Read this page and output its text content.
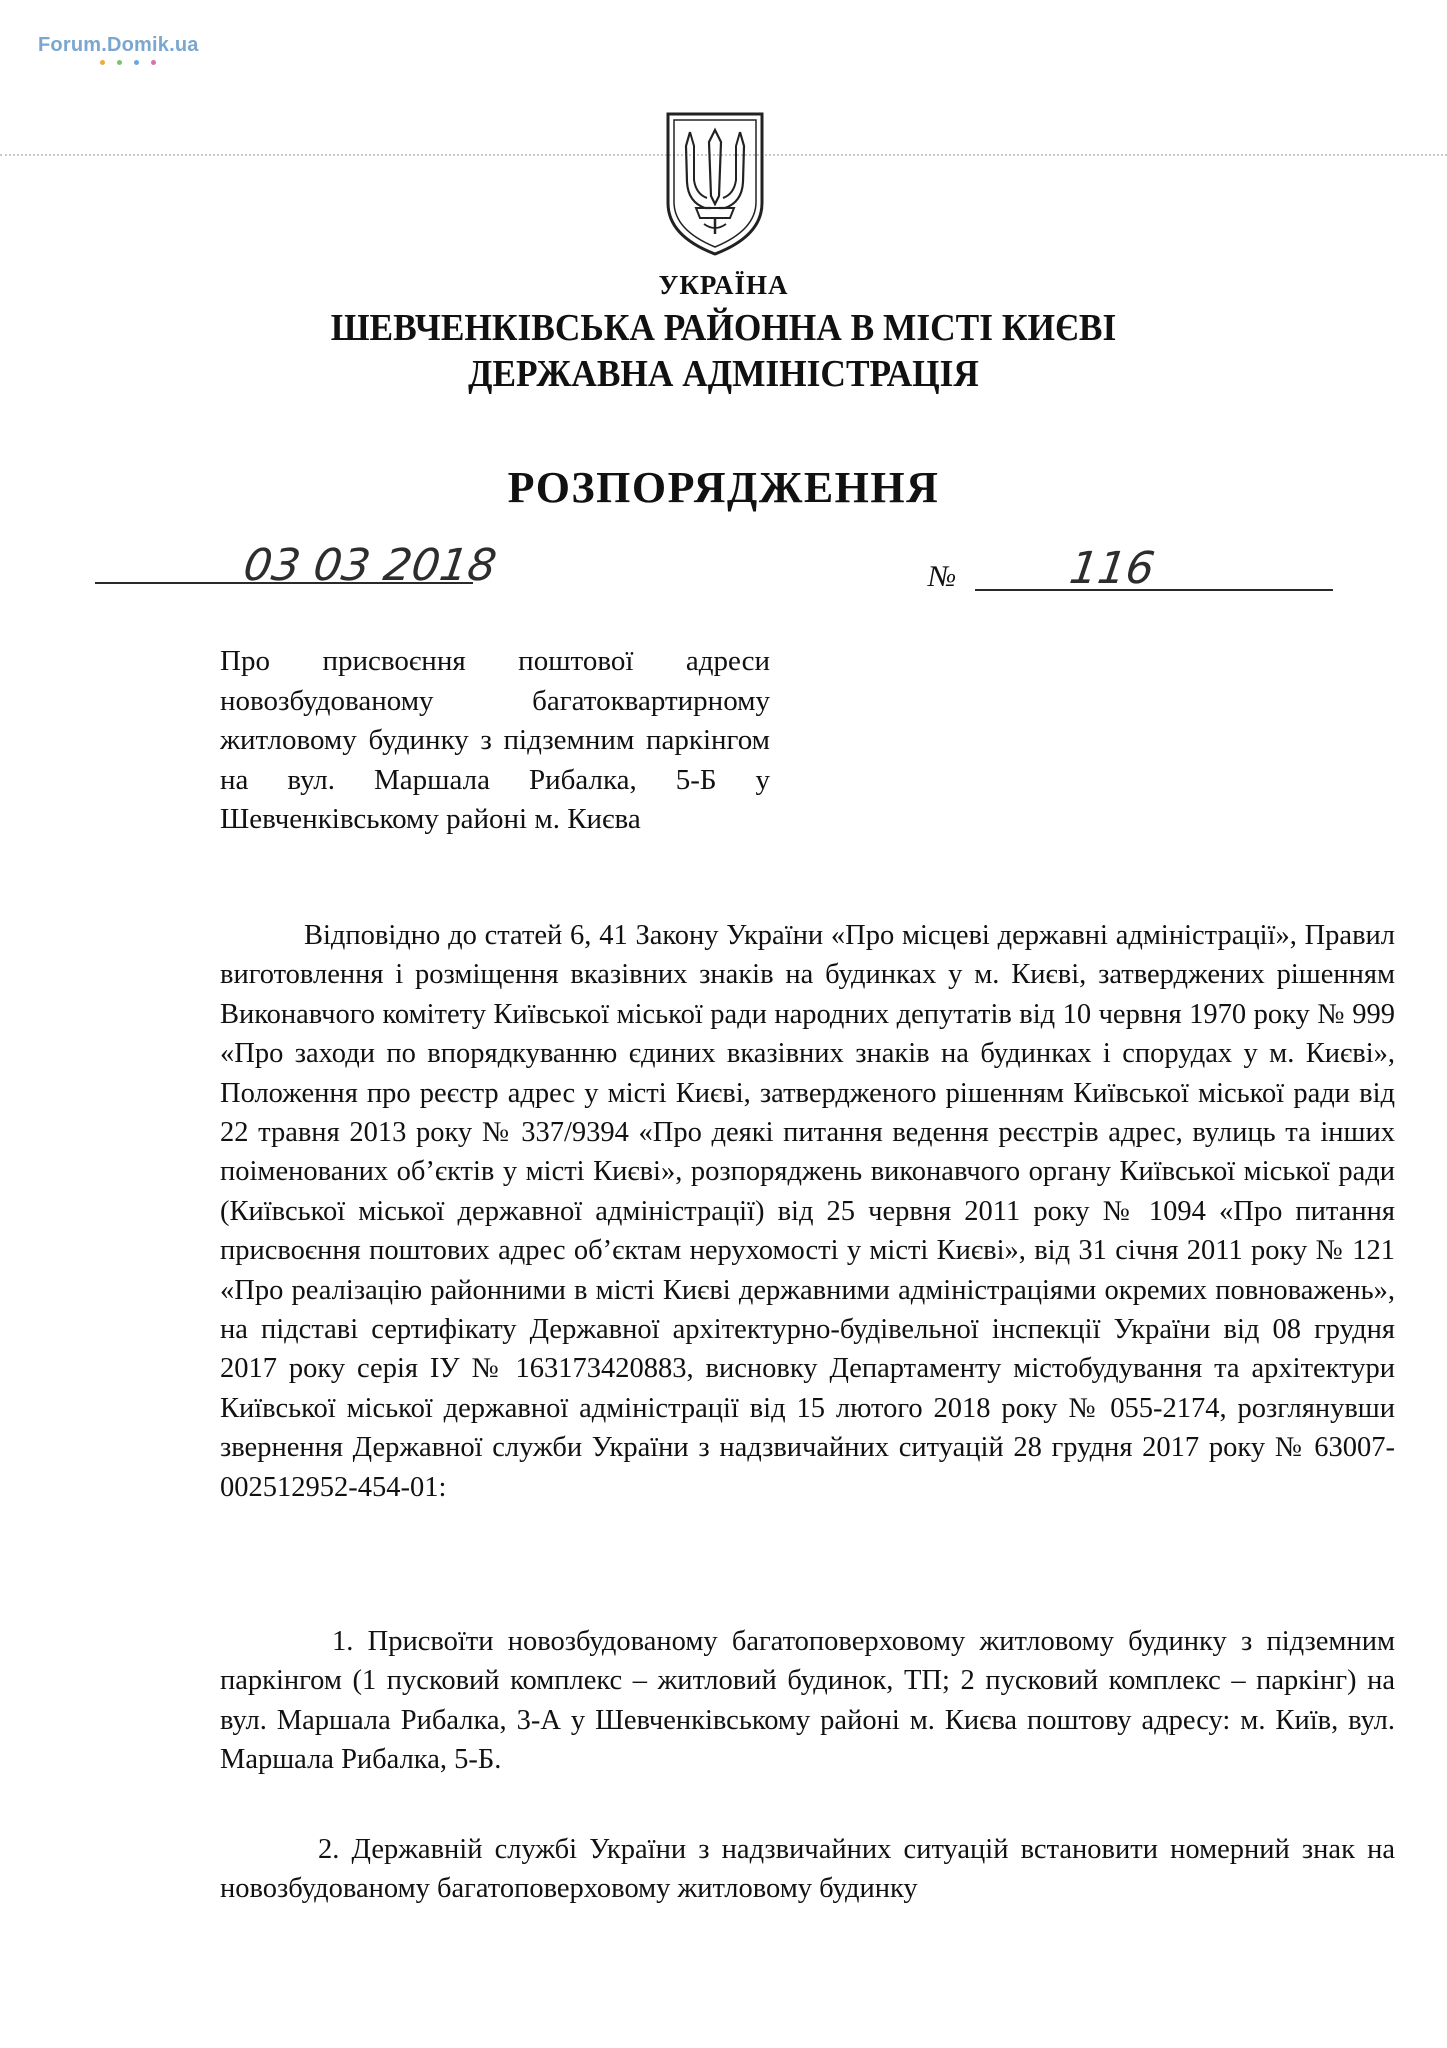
Forum.Domik.ua

УКРАЇНА

ШЕВЧЕНКІВСЬКА РАЙОННА В МІСТІ КИЄВІ

ДЕРЖАВНА АДМІНІСТРАЦІЯ

РОЗПОРЯДЖЕННЯ

03 03 2018	№	116

Про присвоєння поштової адреси новозбудованому багатоквартирному житловому будинку з підземним паркінгом на вул. Маршала Рибалка, 5-Б у Шевченківському районі м. Києва

Відповідно до статей 6, 41 Закону України «Про місцеві державні адміністрації», Правил виготовлення і розміщення вказівних знаків на будинках у м. Києві, затверджених рішенням Виконавчого комітету Київської міської ради народних депутатів від 10 червня 1970 року № 999 «Про заходи по впорядкуванню єдиних вказівних знаків на будинках і спорудах у м. Києві», Положення про реєстр адрес у місті Києві, затвердженого рішенням Київської міської ради від 22 травня 2013 року № 337/9394 «Про деякі питання ведення реєстрів адрес, вулиць та інших поіменованих об’єктів у місті Києві», розпоряджень виконавчого органу Київської міської ради (Київської міської державної адміністрації) від 25 червня 2011 року № 1094 «Про питання присвоєння поштових адрес об’єктам нерухомості у місті Києві», від 31 січня 2011 року № 121 «Про реалізацію районними в місті Києві державними адміністраціями окремих повноважень», на підставі сертифікату Державної архітектурно-будівельної інспекції України від 08 грудня 2017 року серія ІУ № 163173420883, висновку Департаменту містобудування та архітектури Київської міської державної адміністрації від 15 лютого 2018 року № 055-2174, розглянувши звернення Державної служби України з надзвичайних ситуацій 28 грудня 2017 року № 63007-002512952-454-01:

1. Присвоїти новозбудованому багатоповерховому житловому будинку з підземним паркінгом (1 пусковий комплекс – житловий будинок, ТП; 2 пусковий комплекс – паркінг) на вул. Маршала Рибалка, 3-А у Шевченківському районі м. Києва поштову адресу: м. Київ, вул. Маршала Рибалка, 5-Б.

2. Державній службі України з надзвичайних ситуацій встановити номерний знак на новозбудованому багатоповерховому житловому будинку
